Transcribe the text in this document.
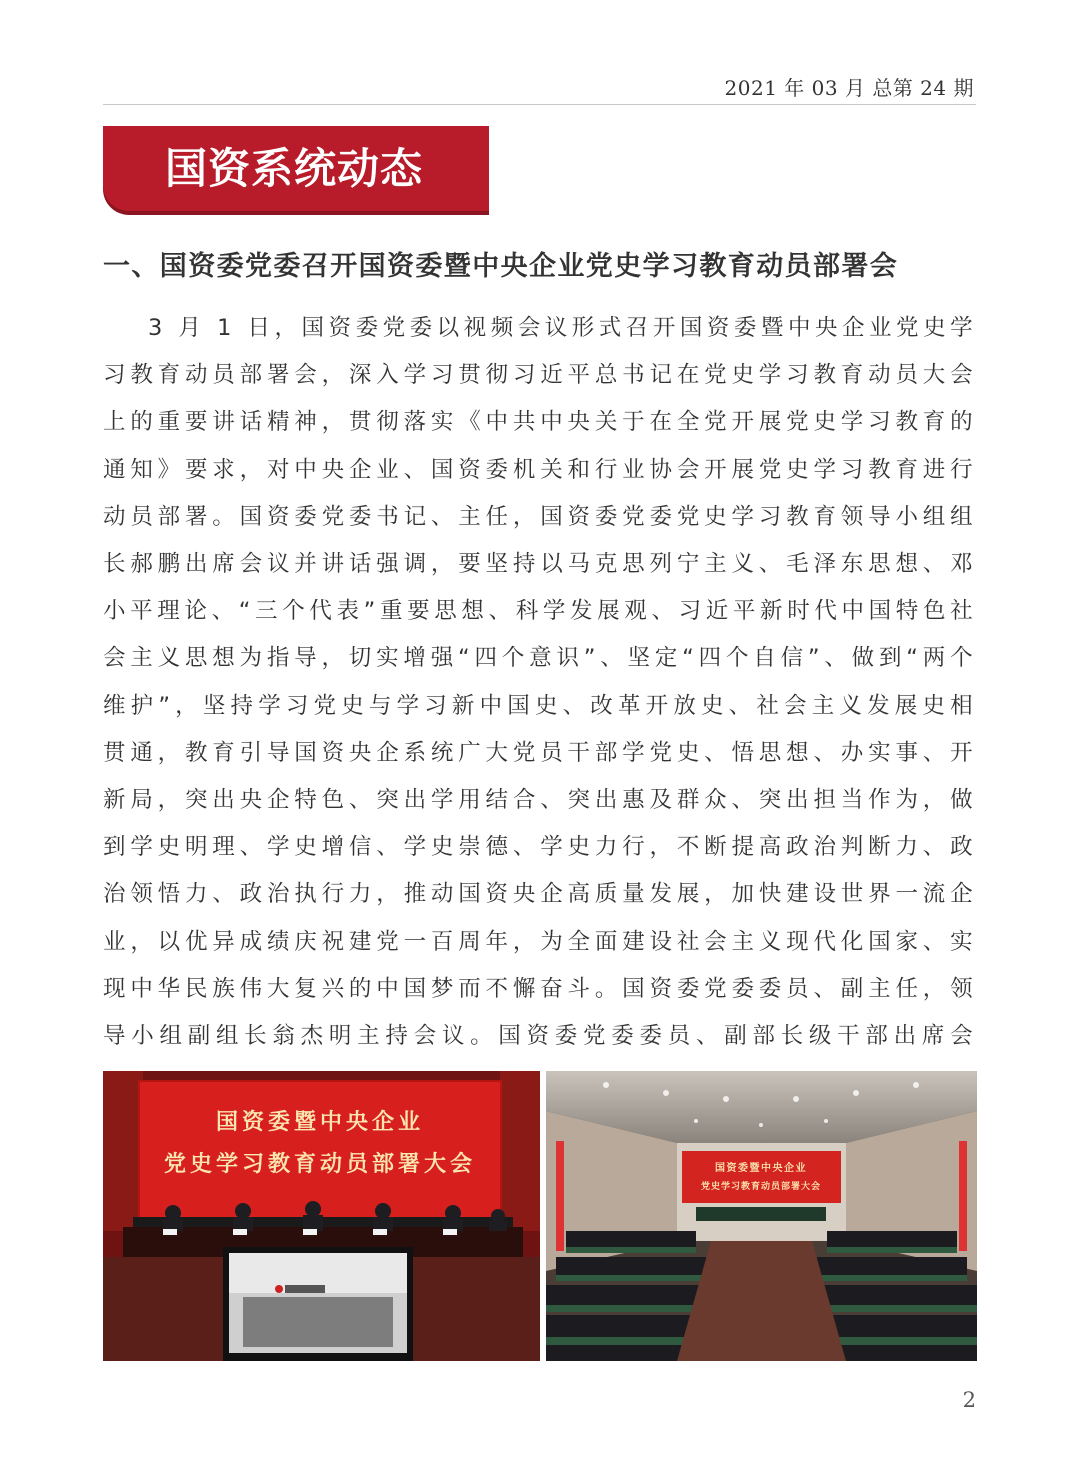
2021 年 03 月 总第 24 期
国资系统动态
一、国资委党委召开国资委暨中央企业党史学习教育动员部署会

3 月 1 日，国资委党委以视频会议形式召开国资委暨中央企业党史学习教育动员部署会，深入学习贯彻习近平总书记在党史学习教育动员大会上的重要讲话精神，贯彻落实《中共中央关于在全党开展党史学习教育的通知》要求，对中央企业、国资委机关和行业协会开展党史学习教育进行动员部署。国资委党委书记、主任，国资委党委党史学习教育领导小组组长郝鹏出席会议并讲话强调，要坚持以马克思列宁主义、毛泽东思想、邓小平理论、“三个代表”重要思想、科学发展观、习近平新时代中国特色社会主义思想为指导，切实增强“四个意识”、坚定“四个自信”、做到“两个维护”，坚持学习党史与学习新中国史、改革开放史、社会主义发展史相贯通，教育引导国资央企系统广大党员干部学党史、悟思想、办实事、开新局，突出央企特色、突出学用结合、突出惠及群众、突出担当作为，做到学史明理、学史增信、学史崇德、学史力行，不断提高政治判断力、政治领悟力、政治执行力，推动国资央企高质量发展，加快建设世界一流企业，以优异成绩庆祝建党一百周年，为全面建设社会主义现代化国家、实现中华民族伟大复兴的中国梦而不懈奋斗。国资委党委委员、副主任，领导小组副组长翁杰明主持会议。国资委党委委员、副部长级干部出席会

国资委暨中央企业
党史学习教育动员部署大会	国资委暨中央企业
党史学习教育动员部署大会
2
